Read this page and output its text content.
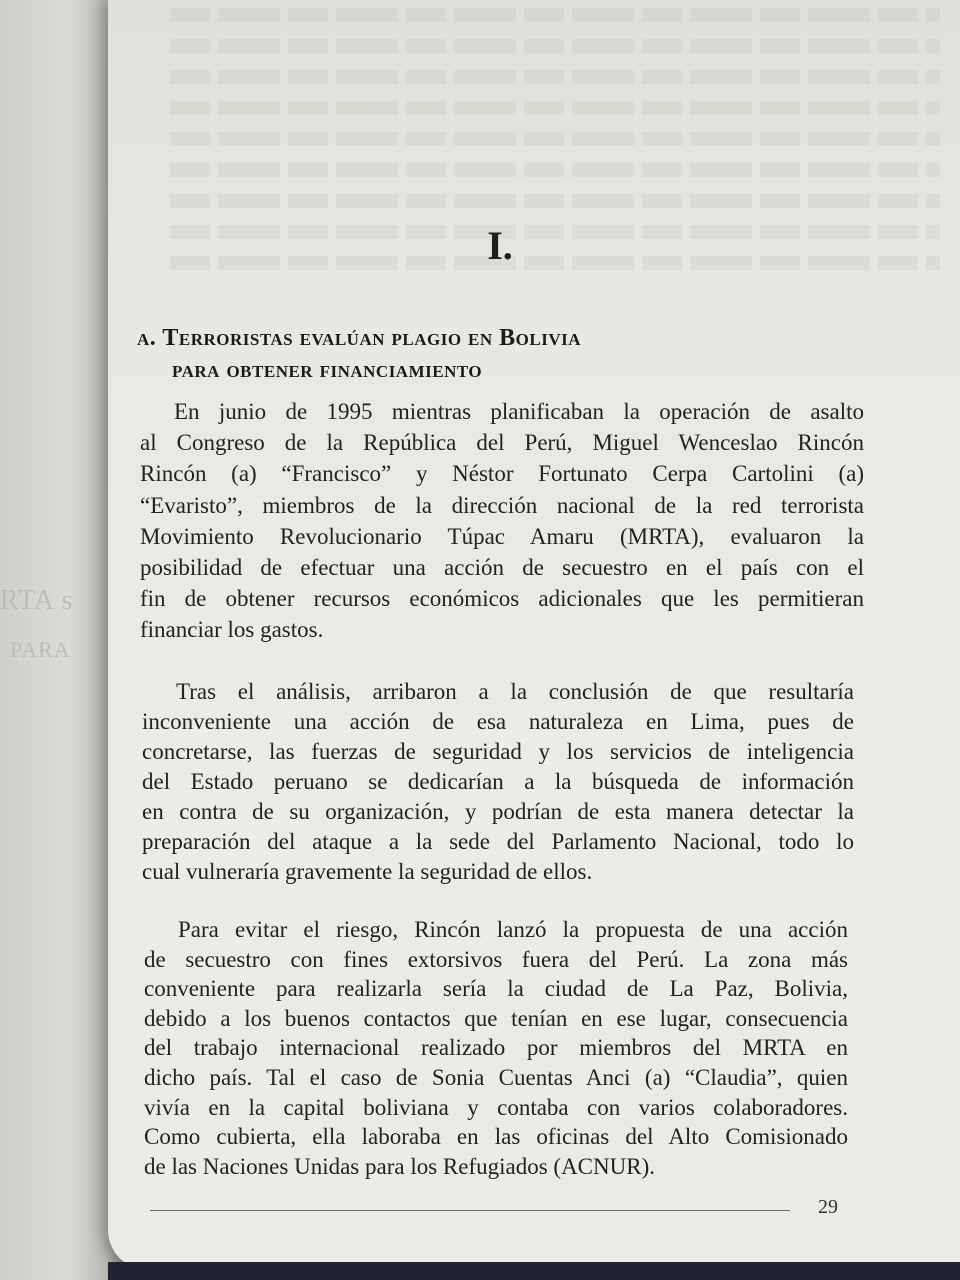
RTA s
PARA
I.
a. Terroristas evalúan plagio en Bolivia
para obtener financiamiento
En junio de 1995 mientras planificaban la operación de asalto
al Congreso de la República del Perú, Miguel Wenceslao Rincón
Rincón (a) “Francisco” y Néstor Fortunato Cerpa Cartolini (a)
“Evaristo”, miembros de la dirección nacional de la red terrorista
Movimiento Revolucionario Túpac Amaru (MRTA), evaluaron la
posibilidad de efectuar una acción de secuestro en el país con el
fin de obtener recursos económicos adicionales que les permitieran
financiar los gastos.
Tras el análisis, arribaron a la conclusión de que resultaría
inconveniente una acción de esa naturaleza en Lima, pues de
concretarse, las fuerzas de seguridad y los servicios de inteligencia
del Estado peruano se dedicarían a la búsqueda de información
en contra de su organización, y podrían de esta manera detectar la
preparación del ataque a la sede del Parlamento Nacional, todo lo
cual vulneraría gravemente la seguridad de ellos.
Para evitar el riesgo, Rincón lanzó la propuesta de una acción
de secuestro con fines extorsivos fuera del Perú. La zona más
conveniente para realizarla sería la ciudad de La Paz, Bolivia,
debido a los buenos contactos que tenían en ese lugar, consecuencia
del trabajo internacional realizado por miembros del MRTA en
dicho país. Tal el caso de Sonia Cuentas Anci (a) “Claudia”, quien
vivía en la capital boliviana y contaba con varios colaboradores.
Como cubierta, ella laboraba en las oficinas del Alto Comisionado
de las Naciones Unidas para los Refugiados (ACNUR).
29
